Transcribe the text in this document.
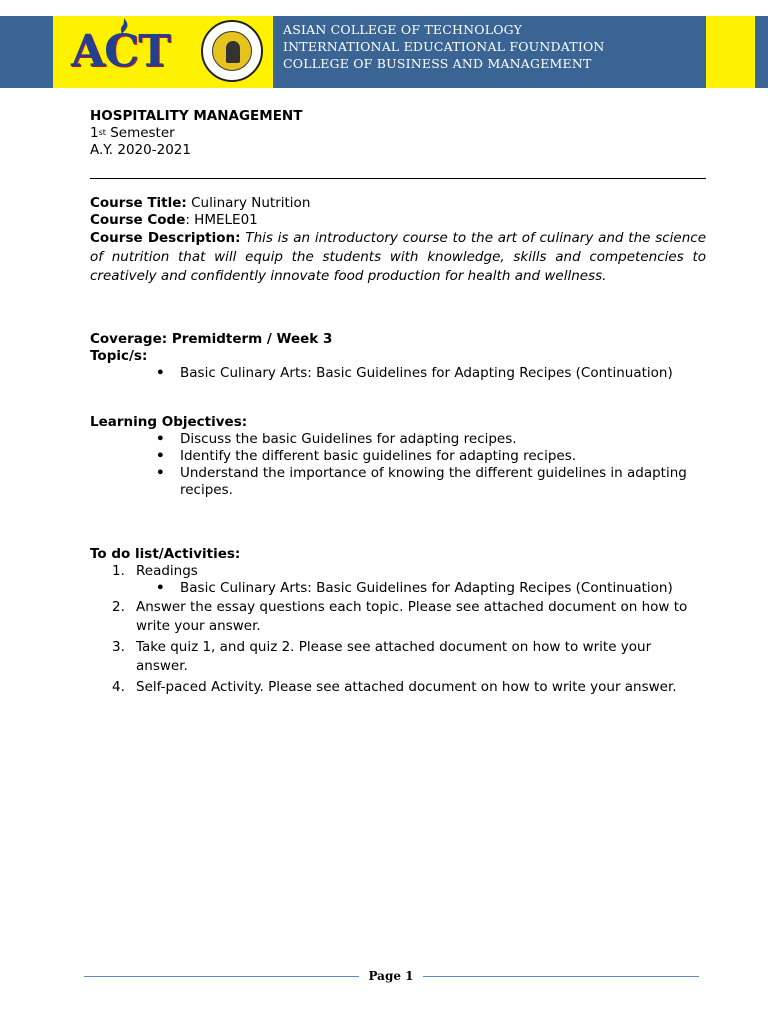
ACT	ASIAN COLLEGE OF TECHNOLOGY
INTERNATIONAL EDUCATIONAL FOUNDATION
COLLEGE OF BUSINESS AND MANAGEMENT
HOSPITALITY MANAGEMENT
1st Semester
A.Y. 2020-2021
Course Title: Culinary Nutrition
Course Code: HMELE01
Course Description: This is an introductory course to the art of culinary and the science of nutrition that will equip the students with knowledge, skills and competencies to creatively and confidently innovate food production for health and wellness.
Coverage: Premidterm / Week 3
Topic/s:
• Basic Culinary Arts: Basic Guidelines for Adapting Recipes (Continuation)
Learning Objectives:
• Discuss the basic Guidelines for adapting recipes.
• Identify the different basic guidelines for adapting recipes.
• Understand the importance of knowing the different guidelines in adapting recipes.
To do list/Activities:
1. Readings
• Basic Culinary Arts: Basic Guidelines for Adapting Recipes (Continuation)
2. Answer the essay questions each topic. Please see attached document on how to write your answer.
3. Take quiz 1, and quiz 2. Please see attached document on how to write your answer.
4. Self-paced Activity. Please see attached document on how to write your answer.
Page 1
